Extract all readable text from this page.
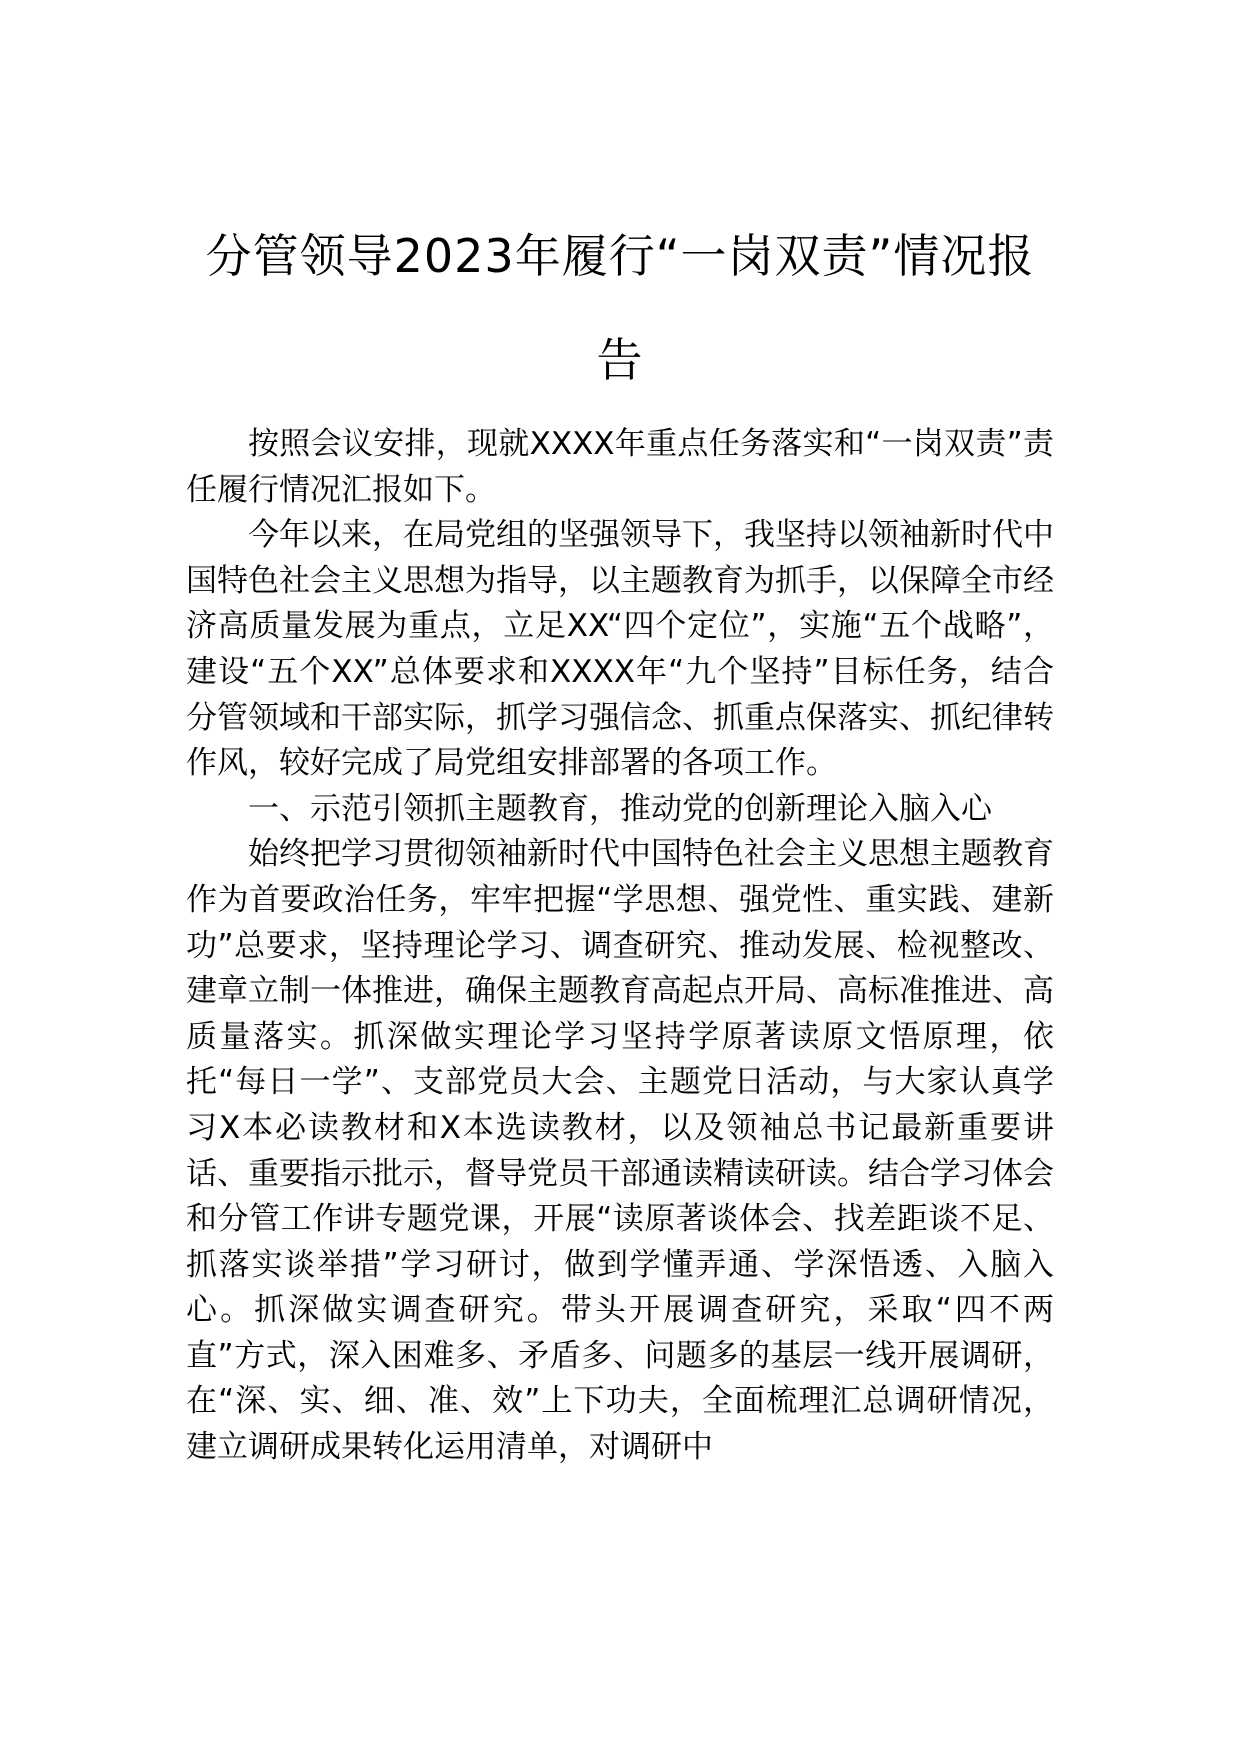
分管领导2023年履行“一岗双责”情况报告

按照会议安排，现就XXXX年重点任务落实和“一岗双责”责任履行情况汇报如下。

今年以来，在局党组的坚强领导下，我坚持以领袖新时代中国特色社会主义思想为指导，以主题教育为抓手，以保障全市经济高质量发展为重点，立足XX“四个定位”，实施“五个战略”，建设“五个XX”总体要求和XXXX年“九个坚持”目标任务，结合分管领域和干部实际，抓学习强信念、抓重点保落实、抓纪律转作风，较好完成了局党组安排部署的各项工作。

一、示范引领抓主题教育，推动党的创新理论入脑入心

始终把学习贯彻领袖新时代中国特色社会主义思想主题教育作为首要政治任务，牢牢把握“学思想、强党性、重实践、建新功”总要求，坚持理论学习、调查研究、推动发展、检视整改、建章立制一体推进，确保主题教育高起点开局、高标准推进、高质量落实。抓深做实理论学习坚持学原著读原文悟原理，依托“每日一学”、支部党员大会、主题党日活动，与大家认真学习X本必读教材和X本选读教材，以及领袖总书记最新重要讲话、重要指示批示，督导党员干部通读精读研读。结合学习体会和分管工作讲专题党课，开展“读原著谈体会、找差距谈不足、抓落实谈举措”学习研讨，做到学懂弄通、学深悟透、入脑入心。抓深做实调查研究。带头开展调查研究，采取“四不两直”方式，深入困难多、矛盾多、问题多的基层一线开展调研，在“深、实、细、准、效”上下功夫，全面梳理汇总调研情况，建立调研成果转化运用清单，对调研中
